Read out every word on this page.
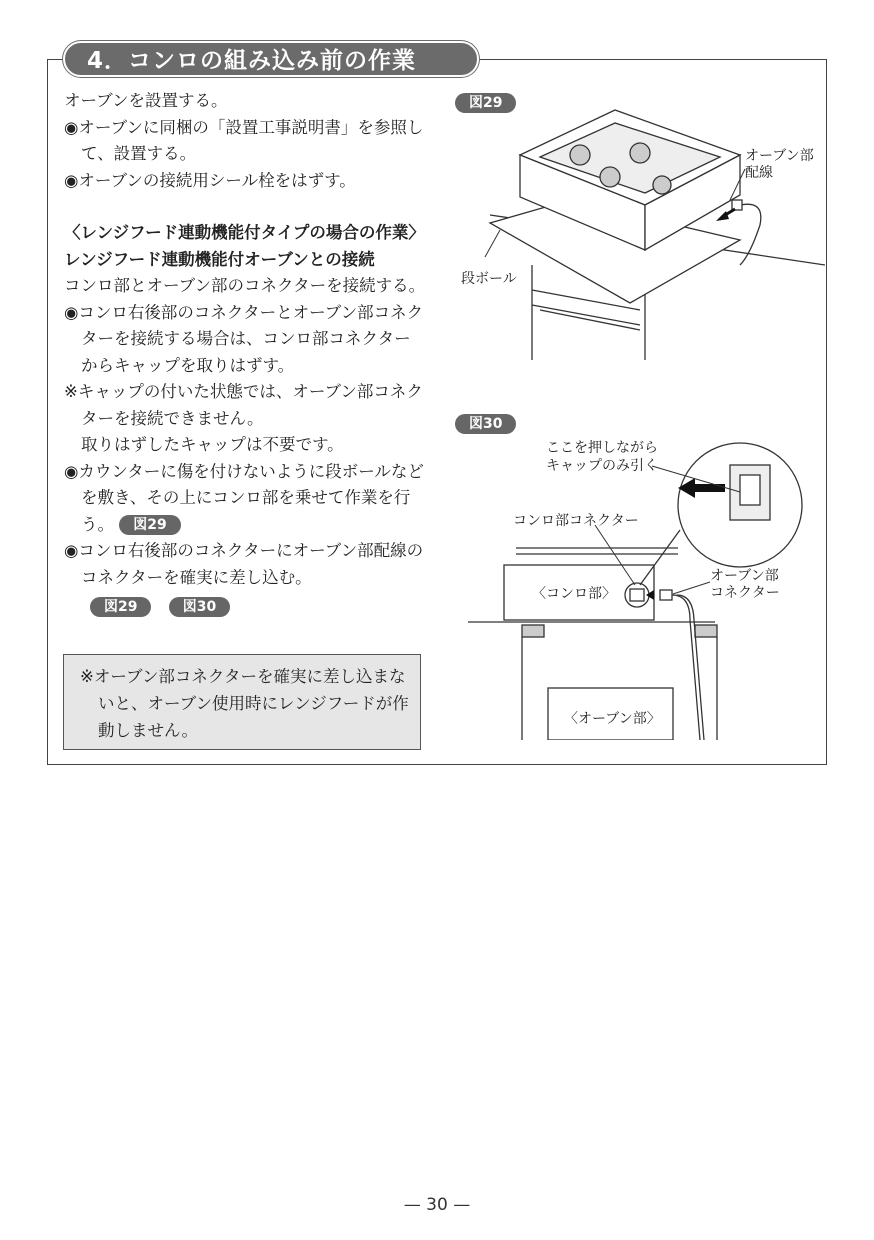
4．コンロの組み込み前の作業

オーブンを設置する。

◉オーブンに同梱の「設置工事説明書」を参照して、設置する。

◉オーブンの接続用シール栓をはずす。

〈レンジフード連動機能付タイプの場合の作業〉

レンジフード連動機能付オーブンとの接続

コンロ部とオーブン部のコネクターを接続する。

◉コンロ右後部のコネクターとオーブン部コネクターを接続する場合は、コンロ部コネクターからキャップを取りはずす。

※キャップの付いた状態では、オーブン部コネクターを接続できません。

取りはずしたキャップは不要です。

◉カウンターに傷を付けないように段ボールなどを敷き、その上にコンロ部を乗せて作業を行う。 図29

◉コンロ右後部のコネクターにオーブン部配線のコネクターを確実に差し込む。

図29	図30

※オーブン部コネクターを確実に差し込まないと、オーブン使用時にレンジフードが作動しません。

図29
オーブン部
配線
段ボール
図30
ここを押しながら
キャップのみ引く
コンロ部コネクター
オーブン部
コネクター
〈コンロ部〉
〈オーブン部〉
— 30 —
